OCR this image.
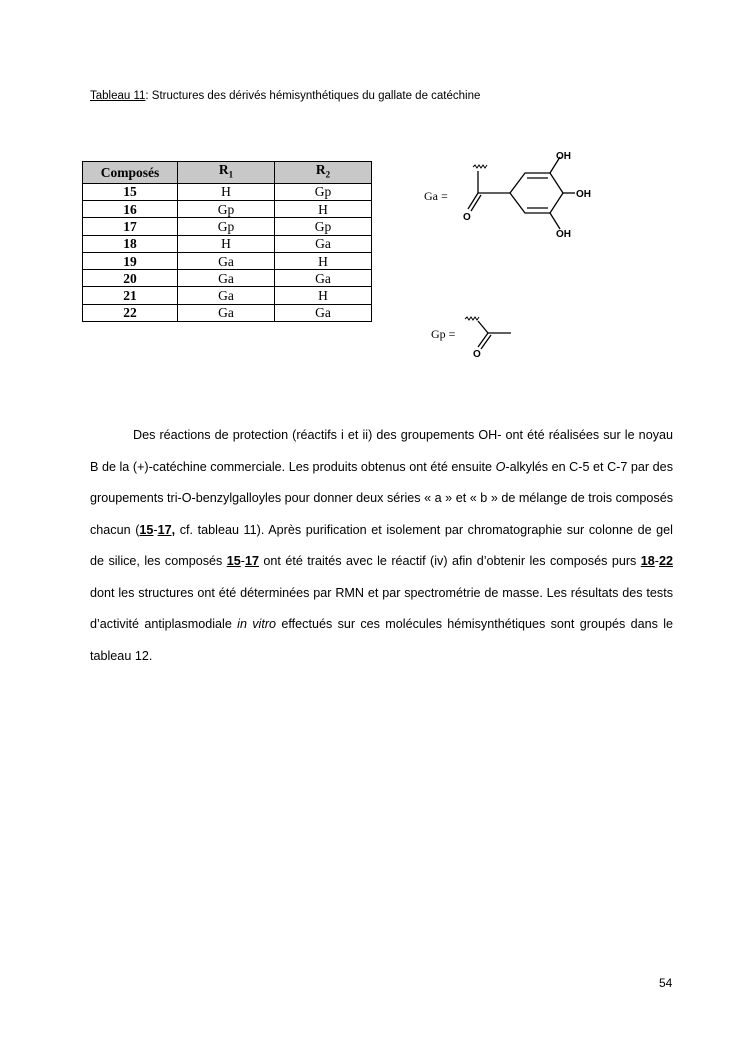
Tableau 11: Structures des dérivés hémisynthétiques du gallate de catéchine
Composés	$R_1$	$R_2$
15	H	Gp
16	Gp	H
17	Gp	Gp
18	H	Ga
19	Ga	H
20	Ga	Ga
21	Ga	H
22	Ga	Ga
Ga =
O
OH
OH
OH
Gp =
O

Des réactions de protection (réactifs i et ii) des groupements OH- ont été réalisées sur le noyau B de la (+)-catéchine commerciale. Les produits obtenus ont été ensuite O-alkylés en C-5 et C-7 par des groupements tri-O-benzylgalloyles pour donner deux séries « a » et « b » de mélange de trois composés chacun (15-17, cf. tableau 11). Après purification et isolement par chromatographie sur colonne de gel de silice, les composés 15-17 ont été traités avec le réactif (iv) afin d’obtenir les composés purs 18-22 dont les structures ont été déterminées par RMN et par spectrométrie de masse. Les résultats des tests d’activité antiplasmodiale in vitro effectués sur ces molécules hémisynthétiques sont groupés dans le tableau 12.

54
